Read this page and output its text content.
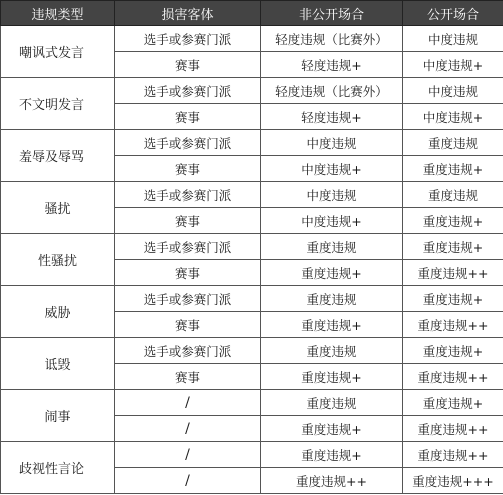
违规类型	损害客体	非公开场合	公开场合
嘲讽式发言	选手或参赛门派	轻度违规（比赛外）	中度违规
	赛事	轻度违规+	中度违规+
不文明发言	选手或参赛门派	轻度违规（比赛外）	中度违规
	赛事	轻度违规+	中度违规+
羞辱及辱骂	选手或参赛门派	中度违规	重度违规
	赛事	中度违规+	重度违规+
骚扰	选手或参赛门派	中度违规	重度违规
	赛事	中度违规+	重度违规+
性骚扰	选手或参赛门派	重度违规	重度违规+
	赛事	重度违规+	重度违规++
威胁	选手或参赛门派	重度违规	重度违规+
	赛事	重度违规+	重度违规++
诋毁	选手或参赛门派	重度违规	重度违规+
	赛事	重度违规+	重度违规++
闹事	/	重度违规	重度违规+
	/	重度违规+	重度违规++
歧视性言论	/	重度违规+	重度违规++
	/	重度违规++	重度违规+++
